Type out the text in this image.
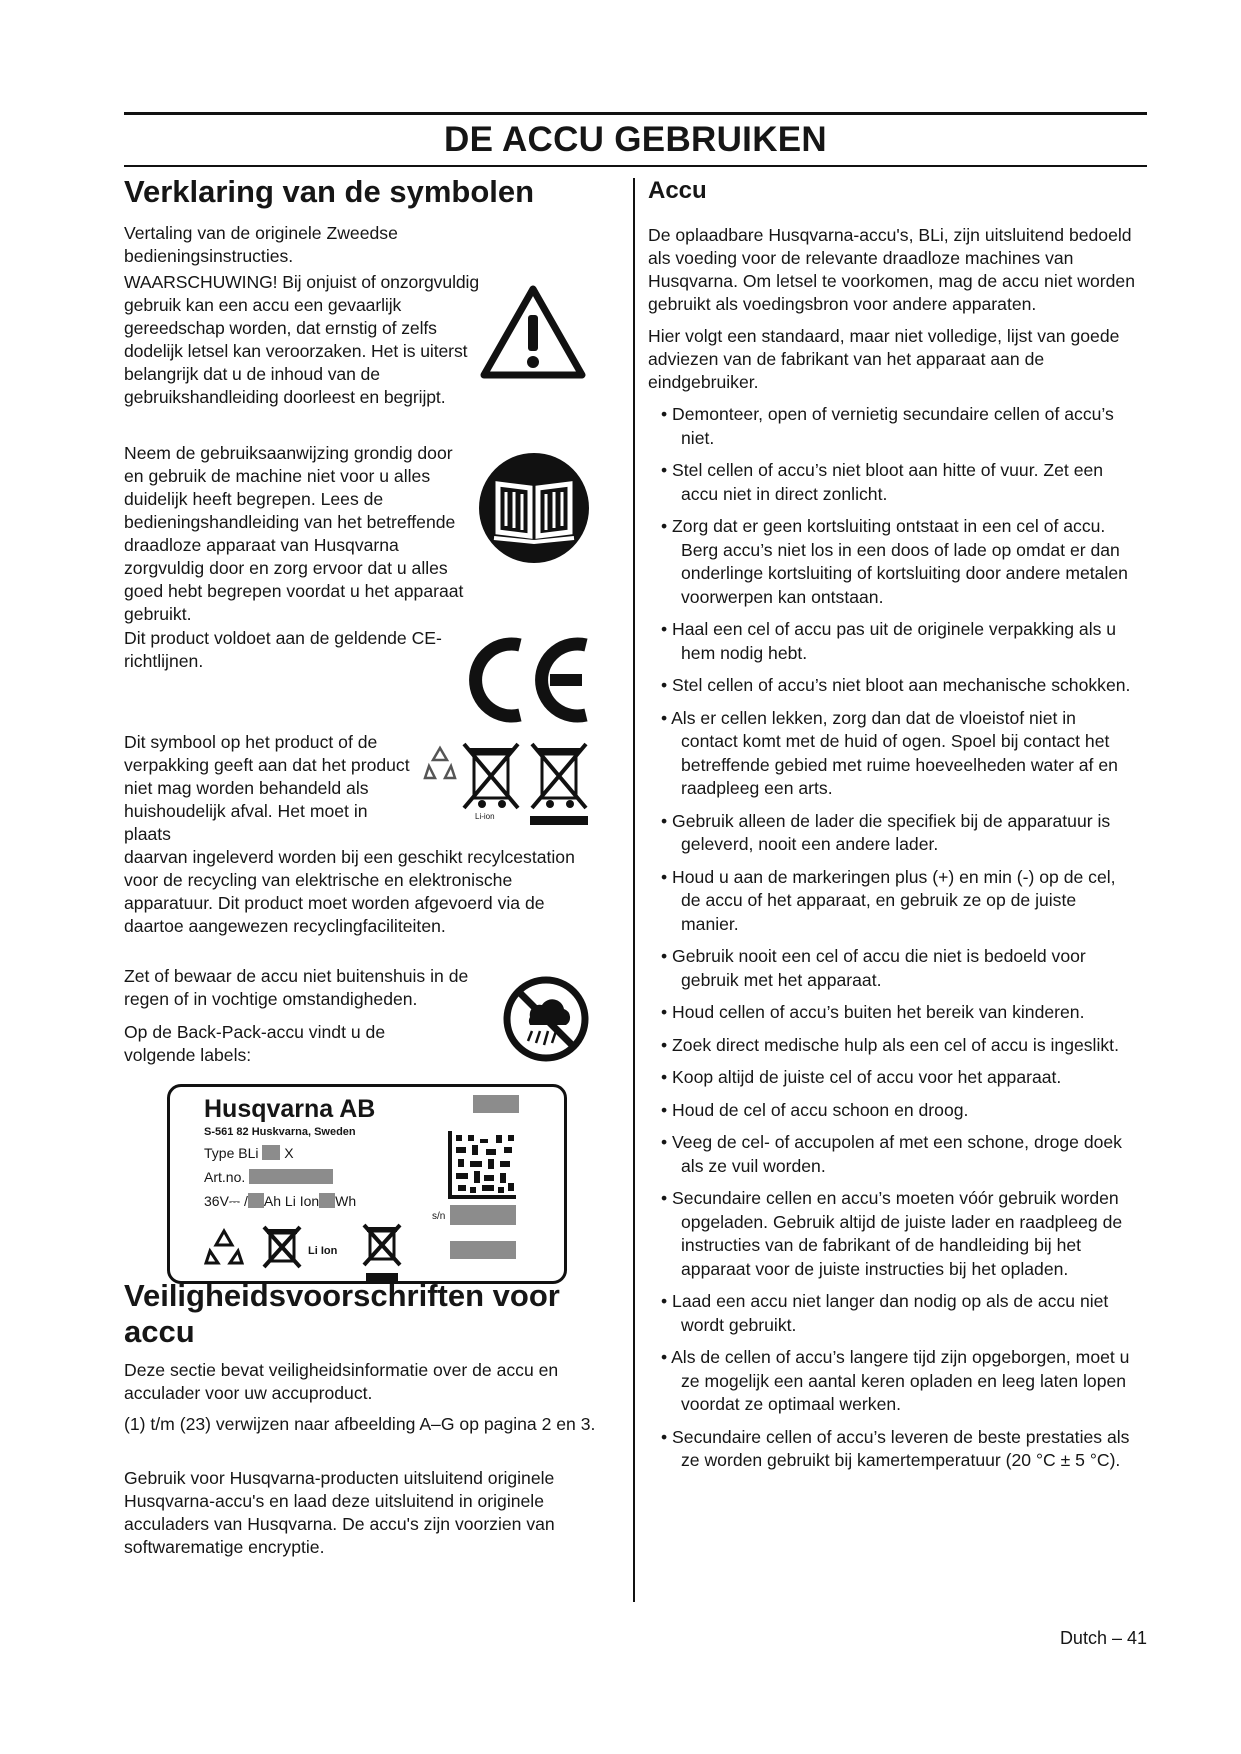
DE ACCU GEBRUIKEN
Verklaring van de symbolen

Vertaling van de originele Zweedse bedieningsinstructies.

WAARSCHUWING! Bij onjuist of onzorgvuldig gebruik kan een accu een gevaarlijk gereedschap worden, dat ernstig of zelfs dodelijk letsel kan veroorzaken. Het is uiterst belangrijk dat u de inhoud van de gebruikshandleiding doorleest en begrijpt.

Neem de gebruiksaanwijzing grondig door en gebruik de machine niet voor u alles duidelijk heeft begrepen. Lees de bedieningshandleiding van het betreffende draadloze apparaat van Husqvarna zorgvuldig door en zorg ervoor dat u alles goed hebt begrepen voordat u het apparaat gebruikt.

Dit product voldoet aan de geldende CE-richtlijnen.

Dit symbool op het product of de verpakking geeft aan dat het product niet mag worden behandeld als huishoudelijk afval. Het moet in plaats

daarvan ingeleverd worden bij een geschikt recylcestation voor de recycling van elektrische en elektronische apparatuur. Dit product moet worden afgevoerd via de daartoe aangewezen recyclingfaciliteiten.

Li-ion

Zet of bewaar de accu niet buitenshuis in de regen of in vochtige omstandigheden.

Op de Back-Pack-accu vindt u de volgende labels:

Husqvarna AB
S-561 82 Huskvarna, Sweden
Type BLi X
Art.no.
36V⎓ / Ah Li Ion Wh
s/n
Li Ion
Veiligheidsvoorschriften voor accu

Deze sectie bevat veiligheidsinformatie over de accu en acculader voor uw accuproduct.

(1) t/m (23) verwijzen naar afbeelding A–G op pagina 2 en 3.

Gebruik voor Husqvarna-producten uitsluitend originele Husqvarna-accu's en laad deze uitsluitend in originele acculaders van Husqvarna. De accu's zijn voorzien van softwarematige encryptie.

Accu

De oplaadbare Husqvarna-accu's, BLi, zijn uitsluitend bedoeld als voeding voor de relevante draadloze machines van Husqvarna. Om letsel te voorkomen, mag de accu niet worden gebruikt als voedingsbron voor andere apparaten.

Hier volgt een standaard, maar niet volledige, lijst van goede adviezen van de fabrikant van het apparaat aan de eindgebruiker.

• Demonteer, open of vernietig secundaire cellen of accu’s niet.

• Stel cellen of accu’s niet bloot aan hitte of vuur. Zet een accu niet in direct zonlicht.

• Zorg dat er geen kortsluiting ontstaat in een cel of accu. Berg accu’s niet los in een doos of lade op omdat er dan onderlinge kortsluiting of kortsluiting door andere metalen voorwerpen kan ontstaan.

• Haal een cel of accu pas uit de originele verpakking als u hem nodig hebt.

• Stel cellen of accu’s niet bloot aan mechanische schokken.

• Als er cellen lekken, zorg dan dat de vloeistof niet in contact komt met de huid of ogen. Spoel bij contact het betreffende gebied met ruime hoeveelheden water af en raadpleeg een arts.

• Gebruik alleen de lader die specifiek bij de apparatuur is geleverd, nooit een andere lader.

• Houd u aan de markeringen plus (+) en min (-) op de cel, de accu of het apparaat, en gebruik ze op de juiste manier.

• Gebruik nooit een cel of accu die niet is bedoeld voor gebruik met het apparaat.

• Houd cellen of accu’s buiten het bereik van kinderen.

• Zoek direct medische hulp als een cel of accu is ingeslikt.

• Koop altijd de juiste cel of accu voor het apparaat.

• Houd de cel of accu schoon en droog.

• Veeg de cel- of accupolen af met een schone, droge doek als ze vuil worden.

• Secundaire cellen en accu’s moeten vóór gebruik worden opgeladen. Gebruik altijd de juiste lader en raadpleeg de instructies van de fabrikant of de handleiding bij het apparaat voor de juiste instructies bij het opladen.

• Laad een accu niet langer dan nodig op als de accu niet wordt gebruikt.

• Als de cellen of accu’s langere tijd zijn opgeborgen, moet u ze mogelijk een aantal keren opladen en leeg laten lopen voordat ze optimaal werken.

• Secundaire cellen of accu’s leveren de beste prestaties als ze worden gebruikt bij kamertemperatuur (20 °C ± 5 °C).

Dutch – 41
